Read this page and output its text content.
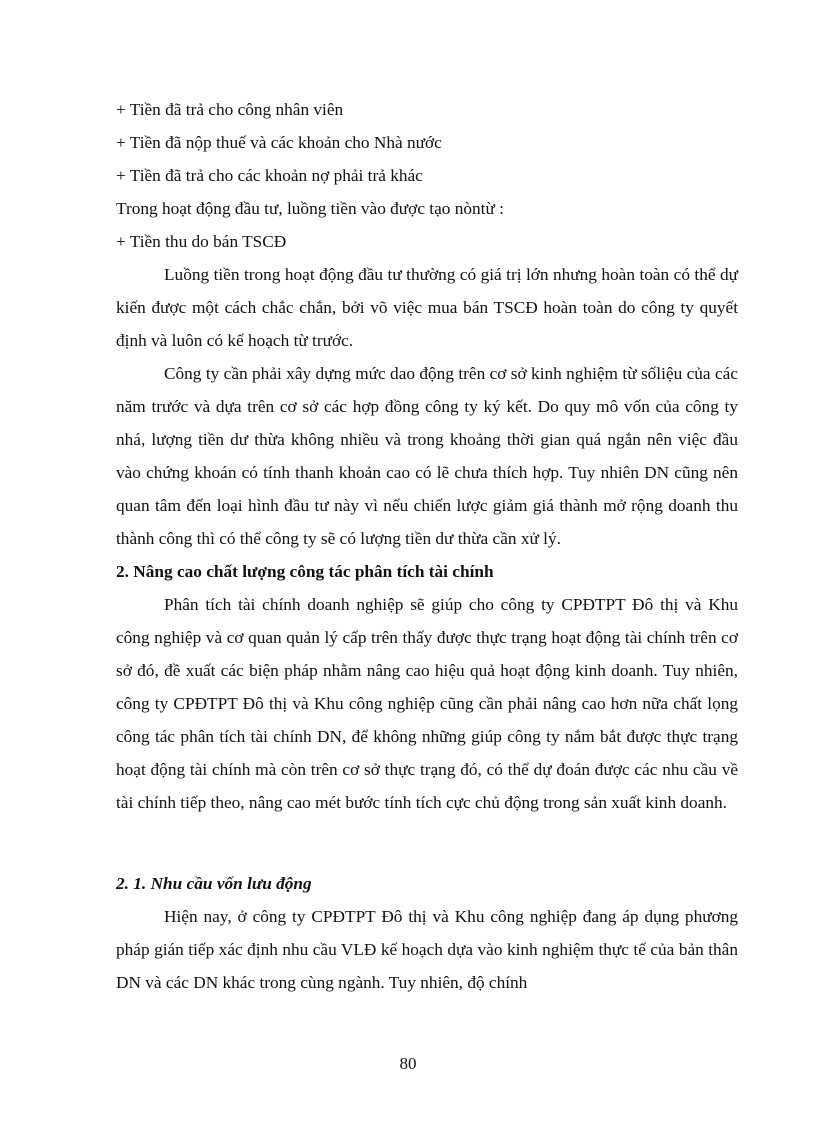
+ Tiền đã trả cho công nhân viên
+ Tiền đã nộp thuế và các khoản cho Nhà nước
+ Tiền đã trả cho các khoản nợ phải trả khác
Trong hoạt động đầu tư, luồng tiền vào được tạo nòntừ :
+ Tiền thu do bán TSCĐ

Luồng tiền trong hoạt động đầu tư thường có giá trị lớn nhưng hoàn toàn có thể dự kiến được một cách chắc chắn, bởi võ việc mua bán TSCĐ hoàn toàn do công ty quyết định và luôn có kế hoạch từ trước.

Công ty cần phải xây dựng mức dao động trên cơ sở kinh nghiệm từ sốliệu của các năm trước và dựa trên cơ sở các hợp đồng công ty ký kết. Do quy mô vốn của công ty nhá, lượng tiền dư thừa không nhiều và trong khoảng thời gian quá ngắn nên việc đầu vào chứng khoán có tính thanh khoản cao có lẽ chưa thích hợp. Tuy nhiên DN cũng nên quan tâm đến loại hình đầu tư này vì nếu chiến lược giảm giá thành mở rộng doanh thu thành công thì có thể công ty sẽ có lượng tiền dư thừa cần xử lý.

2. Nâng cao chất lượng công tác phân tích tài chính

Phân tích tài chính doanh nghiệp sẽ giúp cho công ty CPĐTPT Đô thị và Khu công nghiệp và cơ quan quản lý cấp trên thấy được thực trạng hoạt động tài chính trên cơ sở đó, đề xuất các biện pháp nhằm nâng cao hiệu quả hoạt động kinh doanh. Tuy nhiên, công ty CPĐTPT Đô thị và Khu công nghiệp cũng cần phải nâng cao hơn nữa chất lọng công tác phân tích tài chính DN, để không những giúp công ty nắm bắt được thực trạng hoạt động tài chính mà còn trên cơ sở thực trạng đó, có thể dự đoán được các nhu cầu về tài chính tiếp theo, nâng cao mét bước tính tích cực chủ động trong sản xuất kinh doanh.

2. 1. Nhu cầu vốn lưu động

Hiện nay, ở công ty CPĐTPT Đô thị và Khu công nghiệp đang áp dụng phương pháp gián tiếp xác định nhu cầu VLĐ kế hoạch dựa vào kinh nghiệm thực tế của bản thân DN và các DN khác trong cùng ngành. Tuy nhiên, độ chính

80
